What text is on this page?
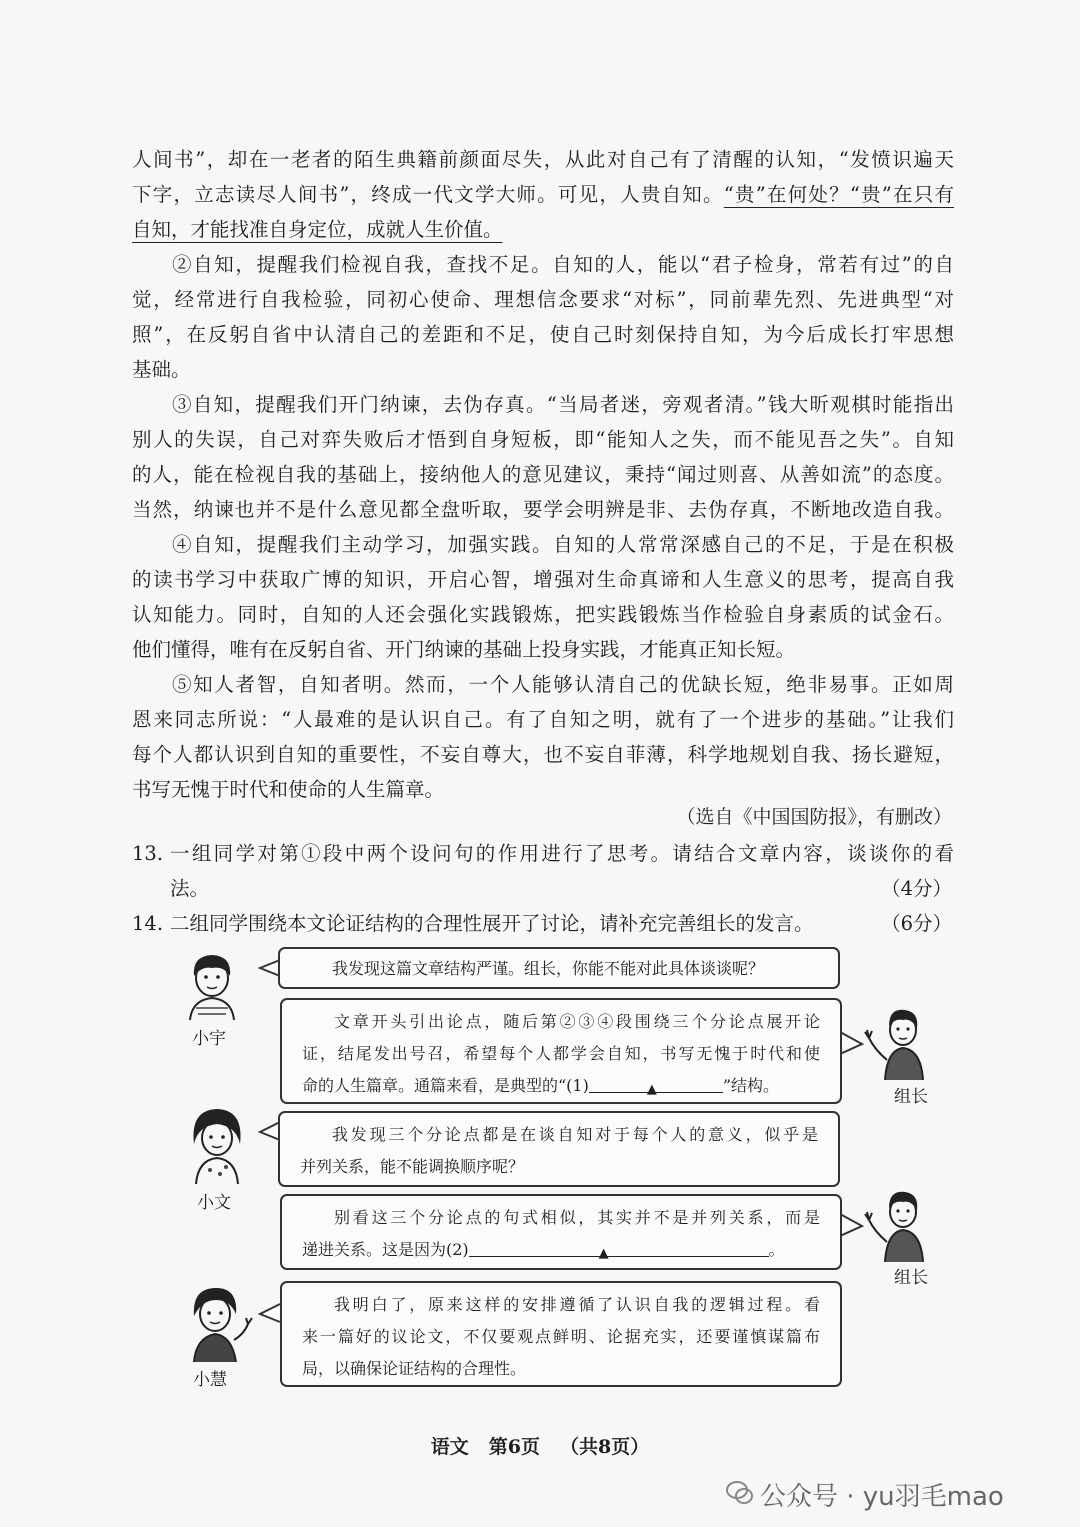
人间书”，却在一老者的陌生典籍前颜面尽失，从此对自己有了清醒的认知，“发愤识遍天
下字，立志读尽人间书”，终成一代文学大师。可见，人贵自知。“贵”在何处？“贵”在只有
自知，才能找准自身定位，成就人生价值。
②自知，提醒我们检视自我，查找不足。自知的人，能以“君子检身，常若有过”的自
觉，经常进行自我检验，同初心使命、理想信念要求“对标”，同前辈先烈、先进典型“对
照”，在反躬自省中认清自己的差距和不足，使自己时刻保持自知，为今后成长打牢思想
基础。
③自知，提醒我们开门纳谏，去伪存真。“当局者迷，旁观者清。”钱大昕观棋时能指出
别人的失误，自己对弈失败后才悟到自身短板，即“能知人之失，而不能见吾之失”。自知
的人，能在检视自我的基础上，接纳他人的意见建议，秉持“闻过则喜、从善如流”的态度。
当然，纳谏也并不是什么意见都全盘听取，要学会明辨是非、去伪存真，不断地改造自我。
④自知，提醒我们主动学习，加强实践。自知的人常常深感自己的不足，于是在积极
的读书学习中获取广博的知识，开启心智，增强对生命真谛和人生意义的思考，提高自我
认知能力。同时，自知的人还会强化实践锻炼，把实践锻炼当作检验自身素质的试金石。
他们懂得，唯有在反躬自省、开门纳谏的基础上投身实践，才能真正知长短。
⑤知人者智，自知者明。然而，一个人能够认清自己的优缺长短，绝非易事。正如周
恩来同志所说：“人最难的是认识自己。有了自知之明，就有了一个进步的基础。”让我们
每个人都认识到自知的重要性，不妄自尊大，也不妄自菲薄，科学地规划自我、扬长避短，
书写无愧于时代和使命的人生篇章。
（选自《中国国防报》，有删改）
13. 一组同学对第①段中两个设问句的作用进行了思考。请结合文章内容，谈谈你的看
法。	（4分）
14. 二组同学围绕本文论证结构的合理性展开了讨论，请补充完善组长的发言。	（6分）
小宇
组长
小文
组长
小慧
我发现这篇文章结构严谨。组长，你能不能对此具体谈谈呢？
文章开头引出论点，随后第②③④段围绕三个分论点展开论
证，结尾发出号召，希望每个人都学会自知，书写无愧于时代和使
命的人生篇章。通篇来看，是典型的“(1)	▲	”结构。
我发现三个分论点都是在谈自知对于每个人的意义，似乎是
并列关系，能不能调换顺序呢？
别看这三个分论点的句式相似，其实并不是并列关系，而是
递进关系。这是因为(2)	▲	。
我明白了，原来这样的安排遵循了认识自我的逻辑过程。看
来一篇好的议论文，不仅要观点鲜明、论据充实，还要谨慎谋篇布
局，以确保论证结构的合理性。
语文 第6页 （共8页）
公众号 · yu羽毛mao
